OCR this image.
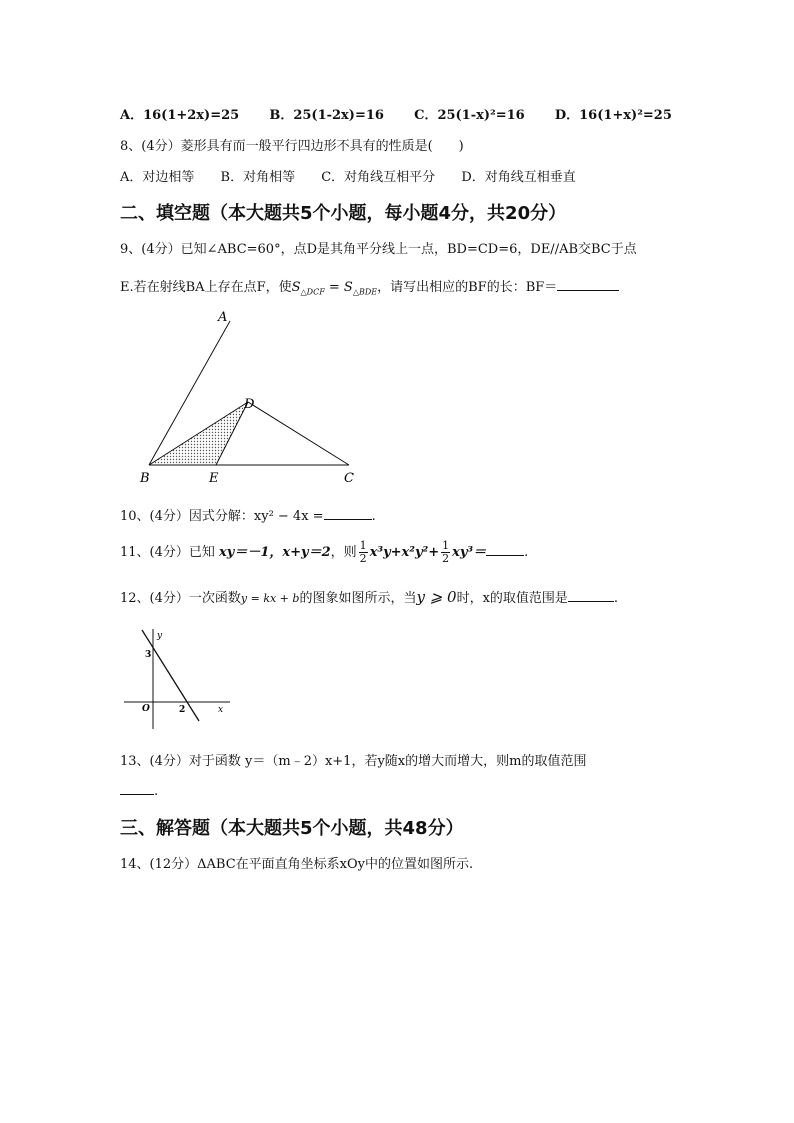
A．16(1+2x)=25 B．25(1-2x)=16 C．25(1-x)²=16 D．16(1+x)²=25
8、(4分）菱形具有而一般平行四边形不具有的性质是(　　)
A．对边相等 B．对角相等 C．对角线互相平分 D．对角线互相垂直
二、填空题（本大题共5个小题，每小题4分，共20分）
9、(4分）已知∠ABC=60°，点D是其角平分线上一点，BD=CD=6，DE//AB交BC于点
E.若在射线BA上存在点F，使$S_{\triangle DCF} = S_{\triangle BDE}$，请写出相应的BF的长：BF＝
A
D
B	E	C
10、(4分）因式分解：xy² − 4x =	.
11、(4分）已知 xy＝－1，x+y＝2，则 $\frac{1}{2} x^3y+x^2y^2+ \frac{1}{2} xy^3=$	.
12、(4分）一次函数y = kx + b的图象如图所示，当y ⩾ 0时，x的取值范围是	.
y
x
O
3
2
13、(4分）对于函数 y＝（m﹣2）x+1，若y随x的增大而增大，则m的取值范围
.
三、解答题（本大题共5个小题，共48分）
14、(12分）ΔABC在平面直角坐标系xOy中的位置如图所示.
